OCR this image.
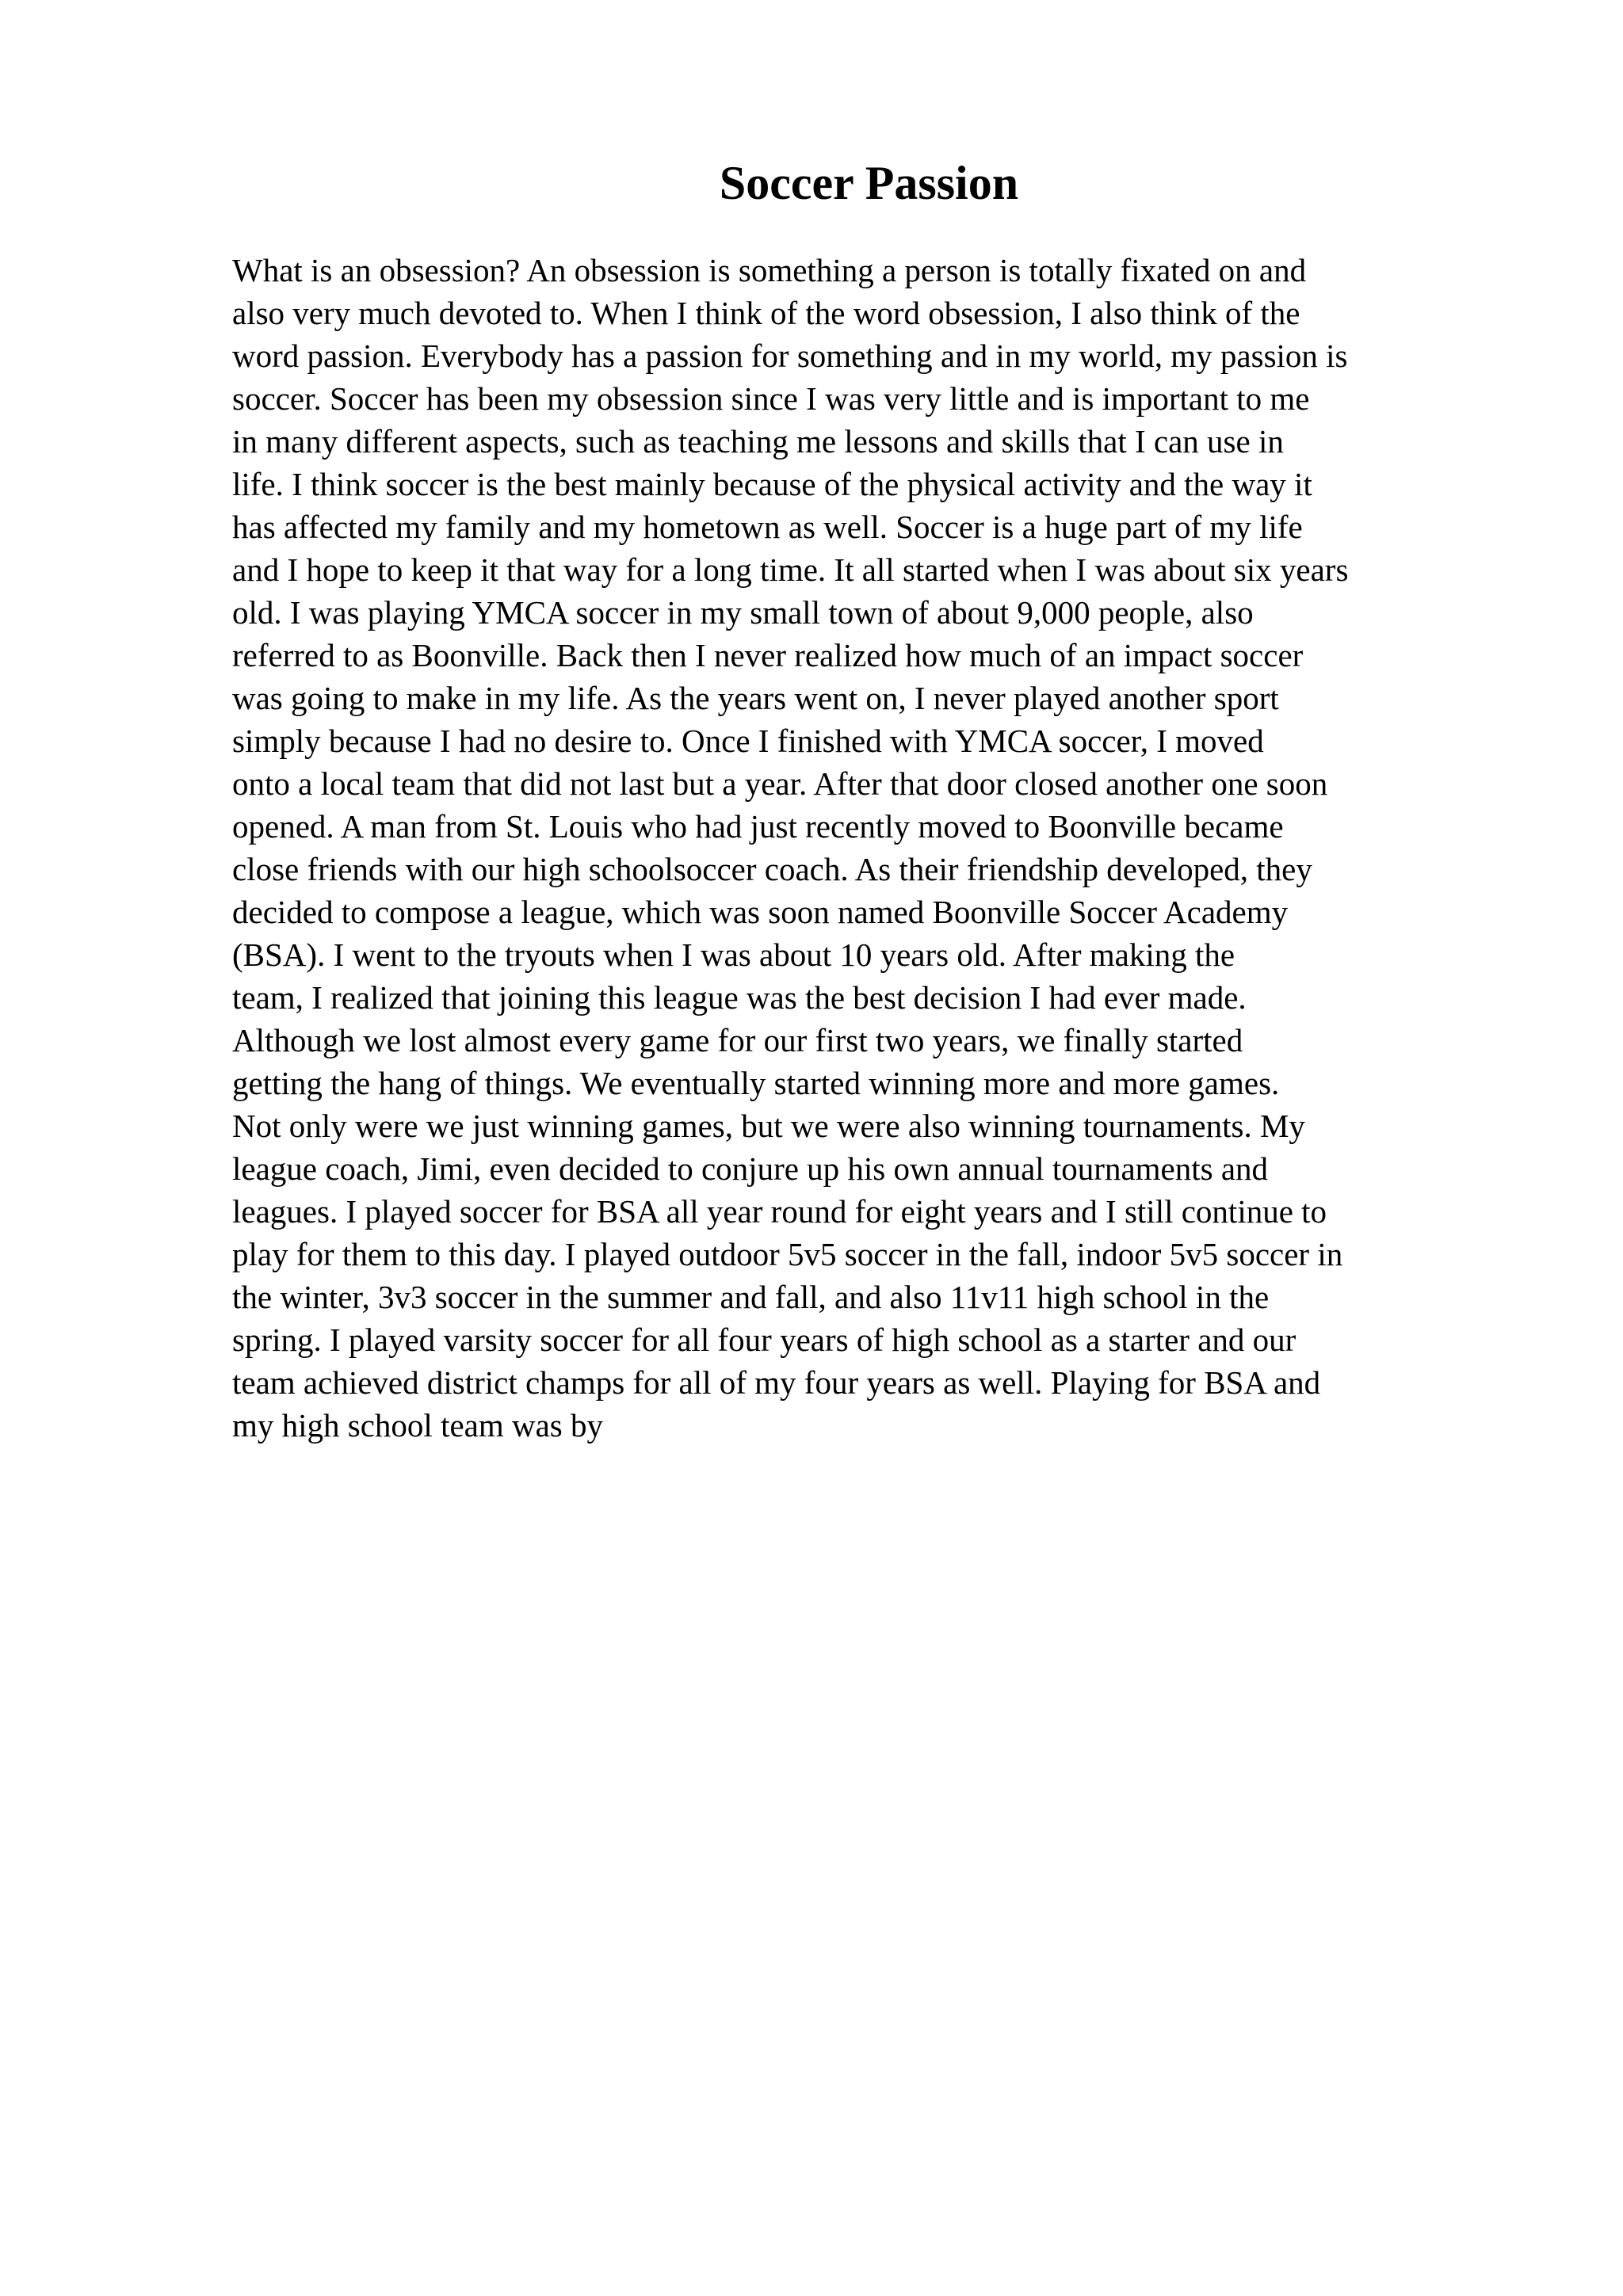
Soccer Passion
What is an obsession? An obsession is something a person is totally fixated on and
also very much devoted to. When I think of the word obsession, I also think of the
word passion. Everybody has a passion for something and in my world, my passion is
soccer. Soccer has been my obsession since I was very little and is important to me
in many different aspects, such as teaching me lessons and skills that I can use in
life. I think soccer is the best mainly because of the physical activity and the way it
has affected my family and my hometown as well. Soccer is a huge part of my life
and I hope to keep it that way for a long time. It all started when I was about six years
old. I was playing YMCA soccer in my small town of about 9,000 people, also
referred to as Boonville. Back then I never realized how much of an impact soccer
was going to make in my life. As the years went on, I never played another sport
simply because I had no desire to. Once I finished with YMCA soccer, I moved
onto a local team that did not last but a year. After that door closed another one soon
opened. A man from St. Louis who had just recently moved to Boonville became
close friends with our high schoolsoccer coach. As their friendship developed, they
decided to compose a league, which was soon named Boonville Soccer Academy
(BSA). I went to the tryouts when I was about 10 years old. After making the
team, I realized that joining this league was the best decision I had ever made.
Although we lost almost every game for our first two years, we finally started
getting the hang of things. We eventually started winning more and more games.
Not only were we just winning games, but we were also winning tournaments. My
league coach, Jimi, even decided to conjure up his own annual tournaments and
leagues. I played soccer for BSA all year round for eight years and I still continue to
play for them to this day. I played outdoor 5v5 soccer in the fall, indoor 5v5 soccer in
the winter, 3v3 soccer in the summer and fall, and also 11v11 high school in the
spring. I played varsity soccer for all four years of high school as a starter and our
team achieved district champs for all of my four years as well. Playing for BSA and
my high school team was by
